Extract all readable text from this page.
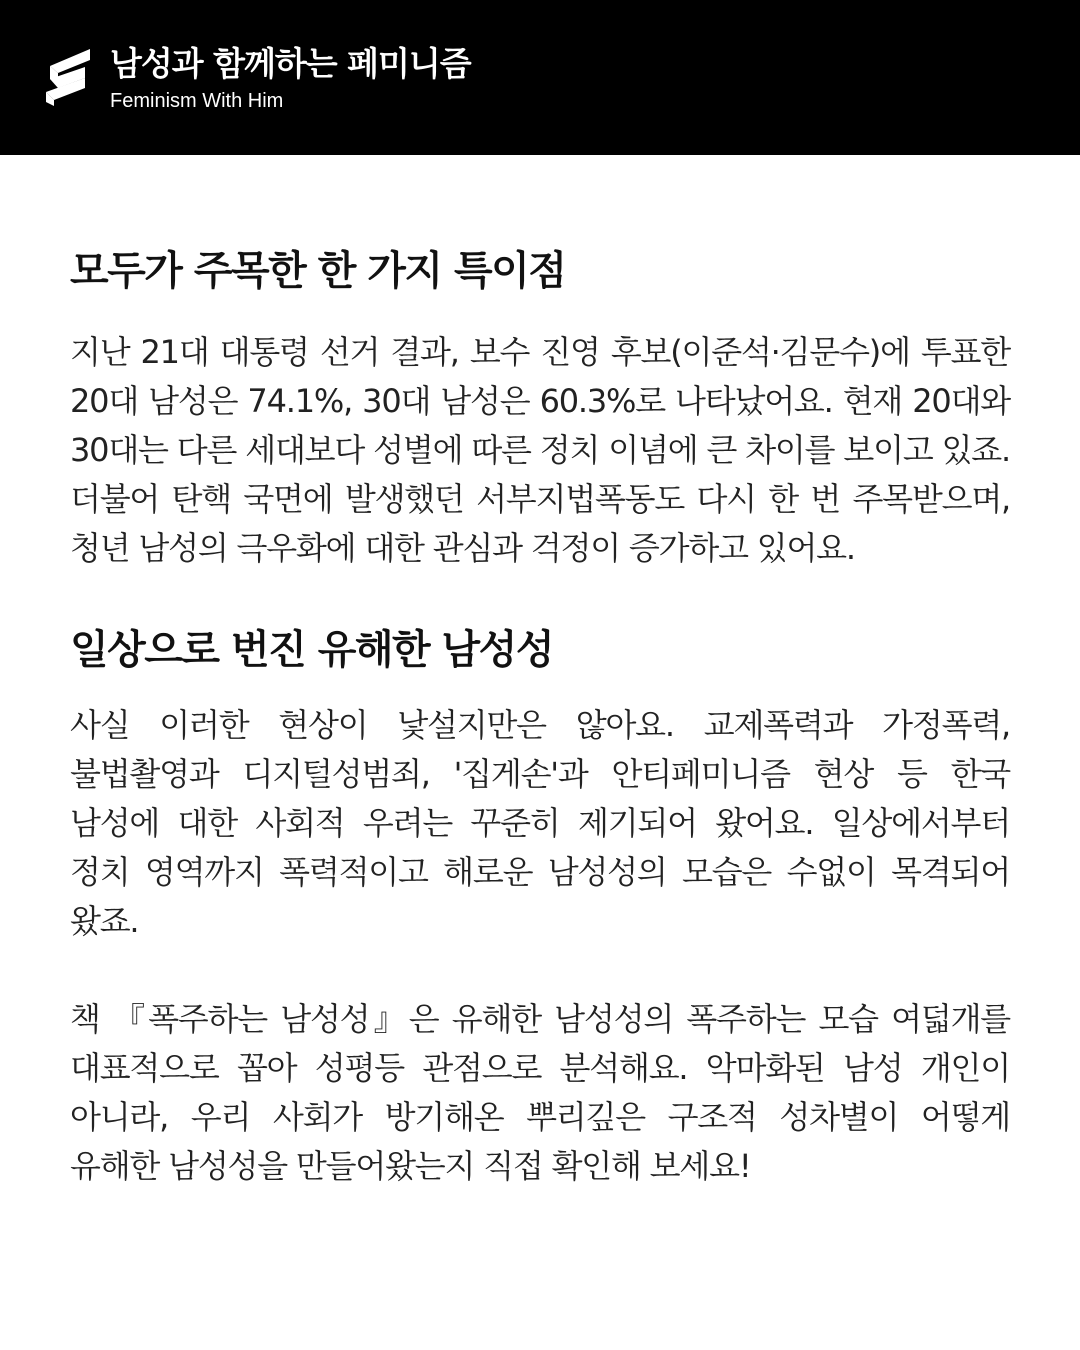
남성과 함께하는 페미니즘
Feminism With Him
모두가 주목한 한 가지 특이점

지난 21대 대통령 선거 결과, 보수 진영 후보(이준석·김문수)에 투표한 20대 남성은 74.1%, 30대 남성은 60.3%로 나타났어요. 현재 20대와 30대는 다른 세대보다 성별에 따른 정치 이념에 큰 차이를 보이고 있죠. 더불어 탄핵 국면에 발생했던 서부지법폭동도 다시 한 번 주목받으며, 청년 남성의 극우화에 대한 관심과 걱정이 증가하고 있어요.

일상으로 번진 유해한 남성성

사실 이러한 현상이 낯설지만은 않아요. 교제폭력과 가정폭력, 불법촬영과 디지털성범죄, '집게손'과 안티페미니즘 현상 등 한국 남성에 대한 사회적 우려는 꾸준히 제기되어 왔어요. 일상에서부터 정치 영역까지 폭력적이고 해로운 남성성의 모습은 수없이 목격되어 왔죠.

책 『폭주하는 남성성』은 유해한 남성성의 폭주하는 모습 여덟개를 대표적으로 꼽아 성평등 관점으로 분석해요. 악마화된 남성 개인이 아니라, 우리 사회가 방기해온 뿌리깊은 구조적 성차별이 어떻게 유해한 남성성을 만들어왔는지 직접 확인해 보세요!
